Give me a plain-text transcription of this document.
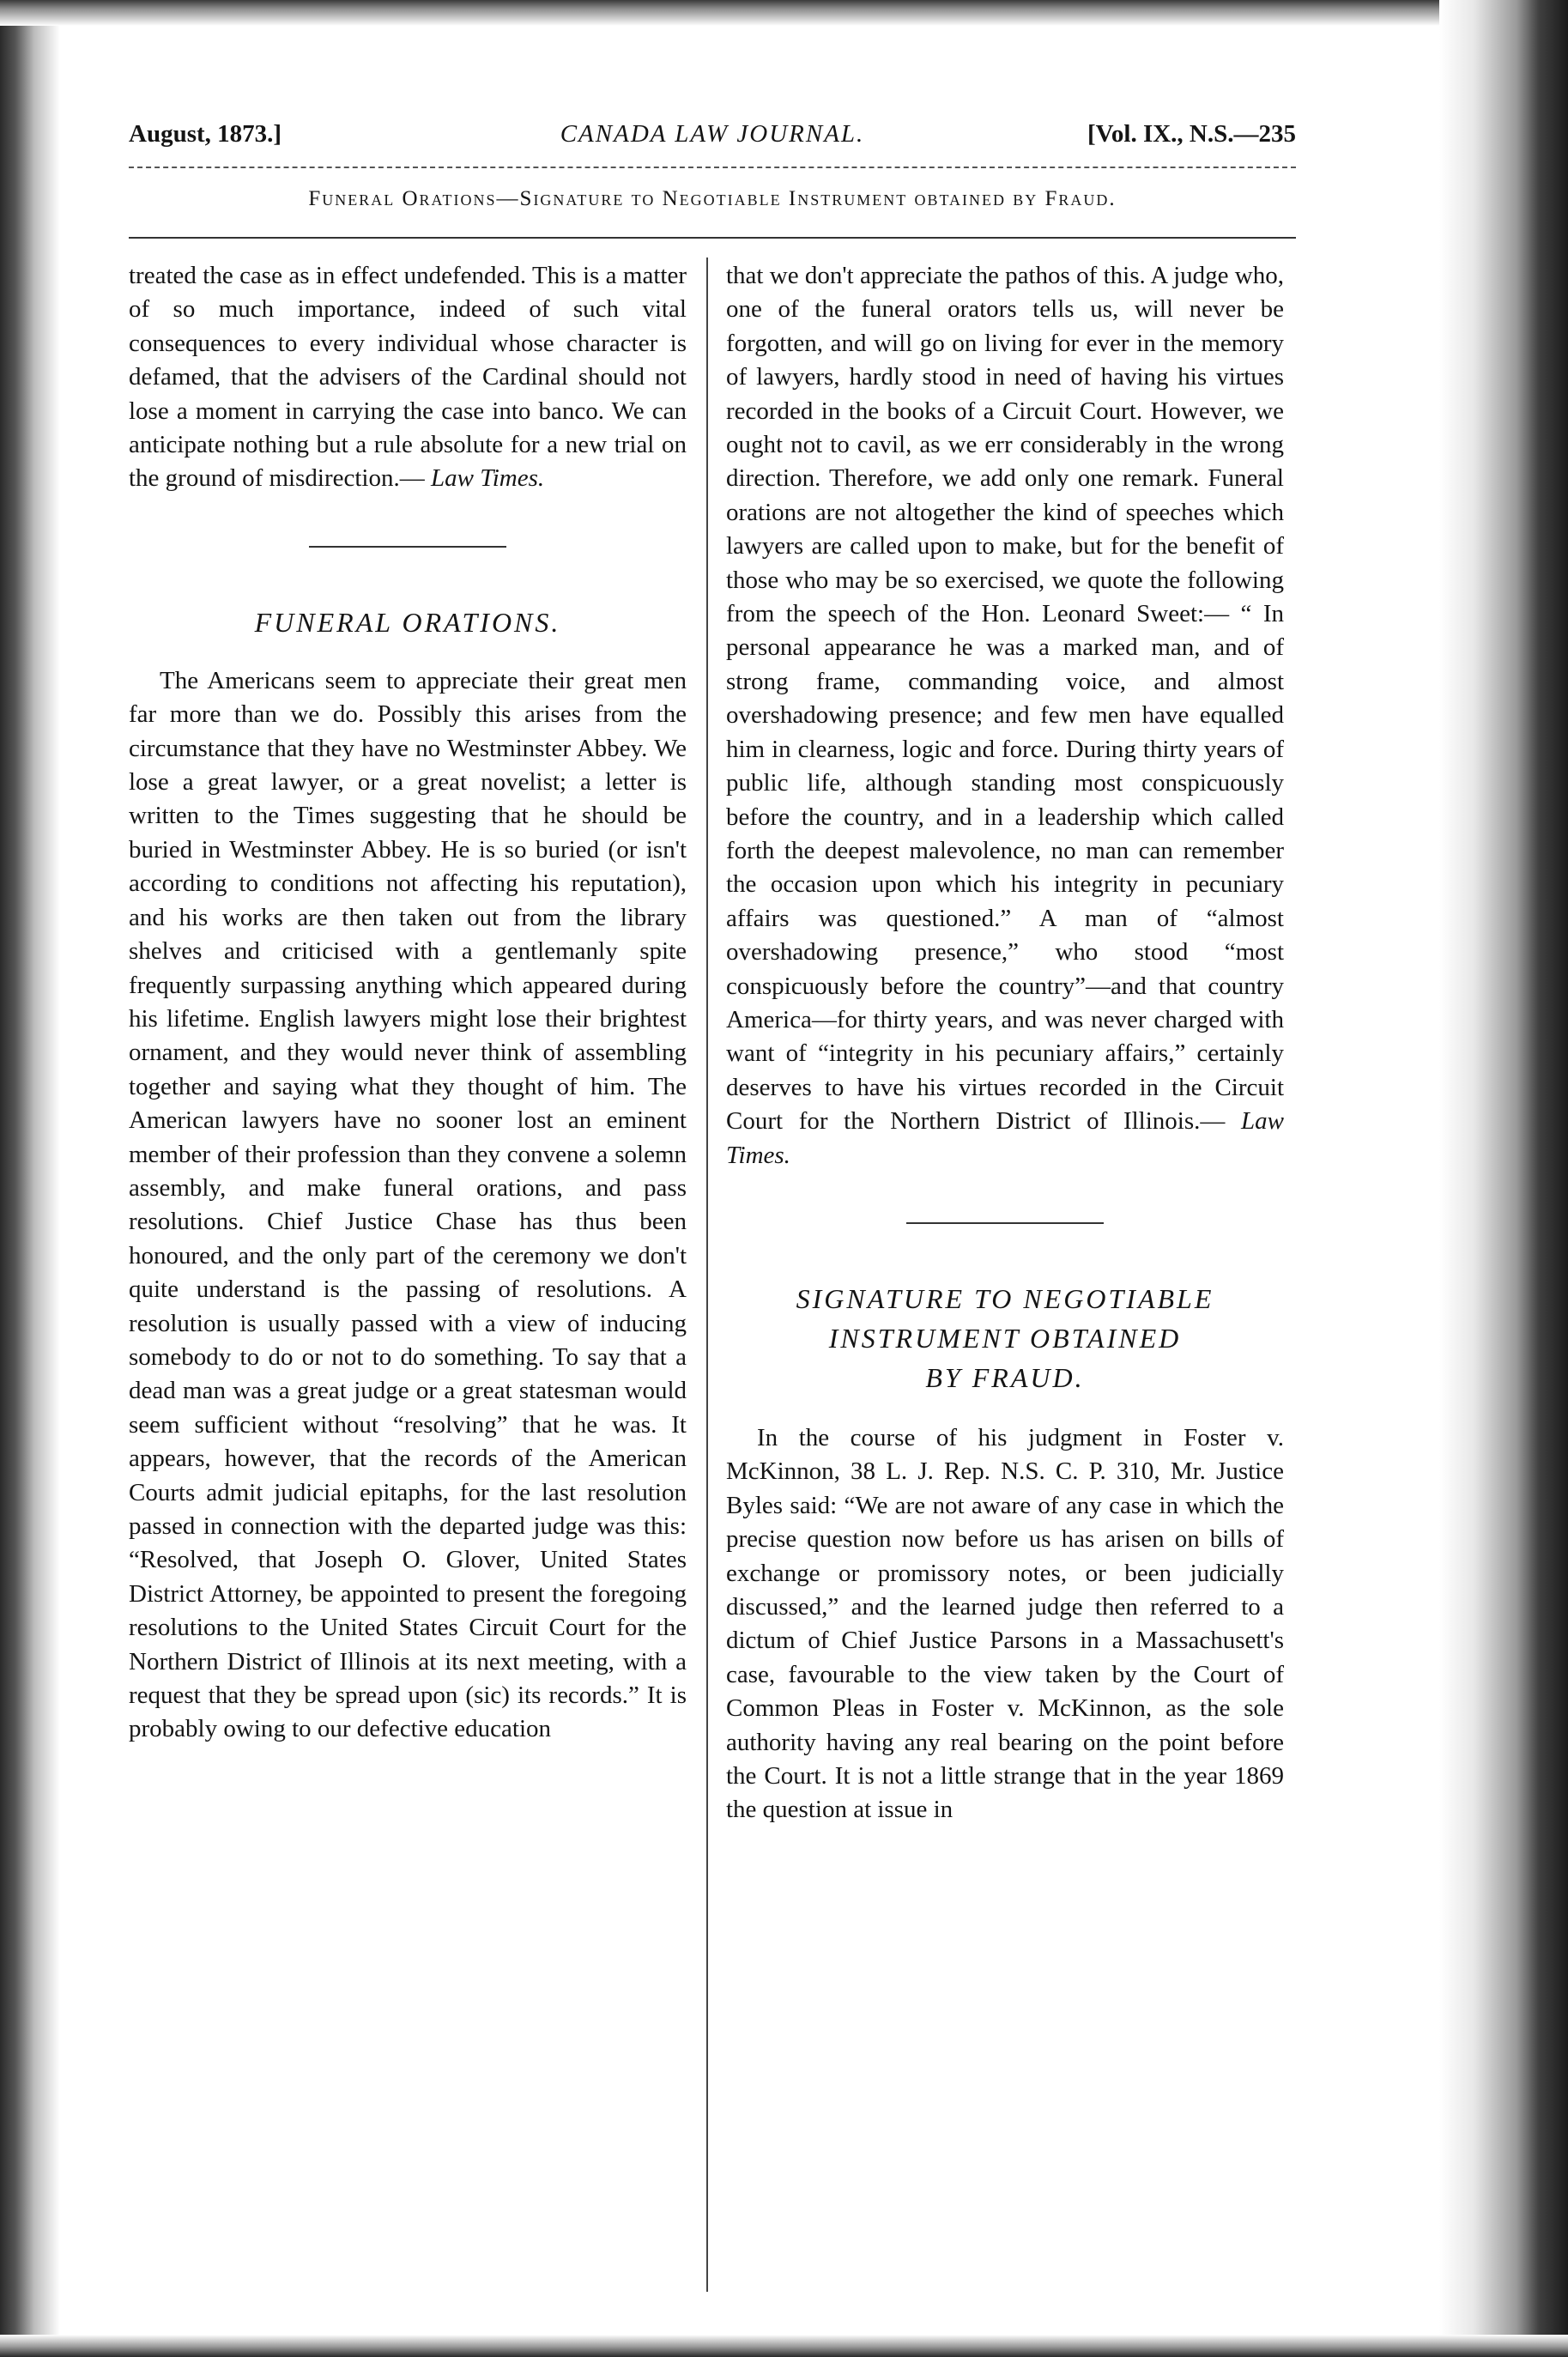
CANADA LAW JOURNAL.
August, 1873.]	[Vol. IX., N.S.—235
Funeral Orations—Signature to Negotiable Instrument obtained by Fraud.

treated the case as in effect undefended. This is a matter of so much importance, indeed of such vital consequences to every individual whose character is defamed, that the advisers of the Cardinal should not lose a moment in carrying the case into banco. We can anticipate nothing but a rule absolute for a new trial on the ground of misdirection.— Law Times.

FUNERAL ORATIONS.

The Americans seem to appreciate their great men far more than we do. Possibly this arises from the circumstance that they have no Westminster Abbey. We lose a great lawyer, or a great novelist; a letter is written to the Times suggesting that he should be buried in Westminster Abbey. He is so buried (or isn't according to conditions not affecting his reputation), and his works are then taken out from the library shelves and criticised with a gentlemanly spite frequently surpassing anything which appeared during his lifetime. English lawyers might lose their brightest ornament, and they would never think of assembling together and saying what they thought of him. The American lawyers have no sooner lost an eminent member of their profession than they convene a solemn assembly, and make funeral orations, and pass resolutions. Chief Justice Chase has thus been honoured, and the only part of the ceremony we don't quite understand is the passing of resolutions. A resolution is usually passed with a view of inducing somebody to do or not to do something. To say that a dead man was a great judge or a great statesman would seem sufficient without “resolving” that he was. It appears, however, that the records of the American Courts admit judicial epitaphs, for the last resolution passed in connection with the departed judge was this: “Resolved, that Joseph O. Glover, United States District Attorney, be appointed to present the foregoing resolutions to the United States Circuit Court for the Northern District of Illinois at its next meeting, with a request that they be spread upon (sic) its records.” It is probably owing to our defective education

that we don't appreciate the pathos of this. A judge who, one of the funeral orators tells us, will never be forgotten, and will go on living for ever in the memory of lawyers, hardly stood in need of having his virtues recorded in the books of a Circuit Court. However, we ought not to cavil, as we err considerably in the wrong direction. Therefore, we add only one remark. Funeral orations are not altogether the kind of speeches which lawyers are called upon to make, but for the benefit of those who may be so exercised, we quote the following from the speech of the Hon. Leonard Sweet:— “ In personal appearance he was a marked man, and of strong frame, commanding voice, and almost overshadowing presence; and few men have equalled him in clearness, logic and force. During thirty years of public life, although standing most conspicuously before the country, and in a leadership which called forth the deepest malevolence, no man can remember the occasion upon which his integrity in pecuniary affairs was questioned.” A man of “almost overshadowing presence,” who stood “most conspicuously before the country”—and that country America—for thirty years, and was never charged with want of “integrity in his pecuniary affairs,” certainly deserves to have his virtues recorded in the Circuit Court for the Northern District of Illinois.— Law Times.

SIGNATURE TO NEGOTIABLE
INSTRUMENT OBTAINED
BY FRAUD.

In the course of his judgment in Foster v. McKinnon, 38 L. J. Rep. N.S. C. P. 310, Mr. Justice Byles said: “We are not aware of any case in which the precise question now before us has arisen on bills of exchange or promissory notes, or been judicially discussed,” and the learned judge then referred to a dictum of Chief Justice Parsons in a Massachusett's case, favourable to the view taken by the Court of Common Pleas in Foster v. McKinnon, as the sole authority having any real bearing on the point before the Court. It is not a little strange that in the year 1869 the question at issue in
